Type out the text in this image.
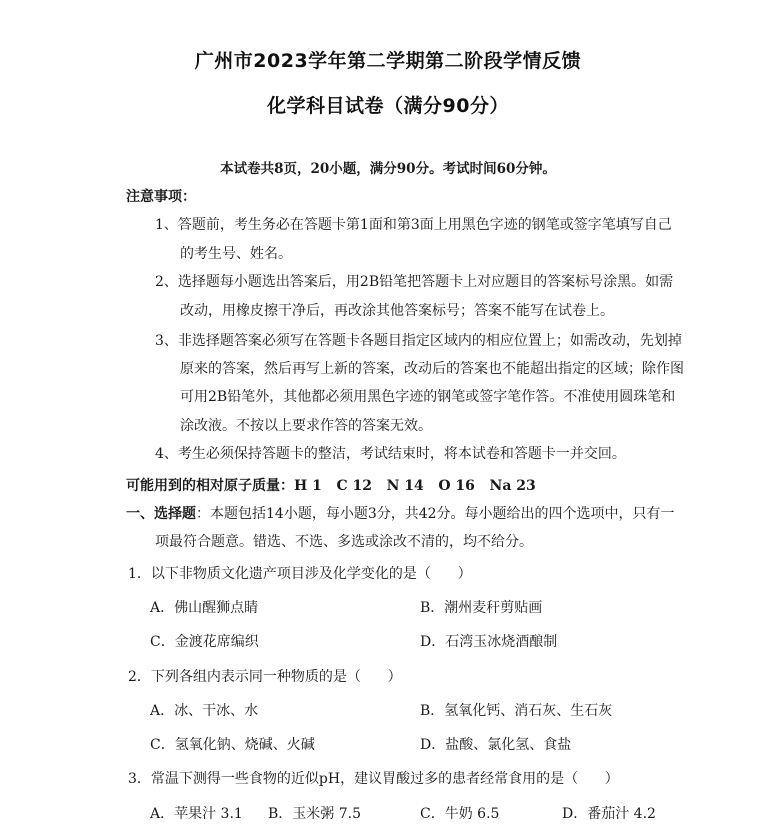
广州市2023学年第二学期第二阶段学情反馈
化学科目试卷（满分90分）
本试卷共8页，20小题，满分90分。考试时间60分钟。
注意事项：
1、答题前，考生务必在答题卡第1面和第3面上用黑色字迹的钢笔或签字笔填写自己
的考生号、姓名。
2、选择题每小题选出答案后，用2B铅笔把答题卡上对应题目的答案标号涂黑。如需
改动，用橡皮擦干净后，再改涂其他答案标号；答案不能写在试卷上。
3、非选择题答案必须写在答题卡各题目指定区域内的相应位置上；如需改动，先划掉
原来的答案，然后再写上新的答案，改动后的答案也不能超出指定的区域；除作图
可用2B铅笔外，其他都必须用黑色字迹的钢笔或签字笔作答。不准使用圆珠笔和
涂改液。不按以上要求作答的答案无效。
4、考生必须保持答题卡的整洁，考试结束时，将本试卷和答题卡一并交回。
可能用到的相对原子质量：H 1   C 12   N 14   O 16   Na 23
一、选择题：本题包括14小题，每小题3分，共42分。每小题给出的四个选项中，只有一
项最符合题意。错选、不选、多选或涂改不清的，均不给分。
1．以下非物质文化遗产项目涉及化学变化的是（      ）
A．佛山醒狮点睛	B．潮州麦秆剪贴画
C．金渡花席编织	D．石湾玉冰烧酒酿制
2．下列各组内表示同一种物质的是（      ）
A．冰、干冰、水	B．氢氧化钙、消石灰、生石灰
C．氢氧化钠、烧碱、火碱	D．盐酸、氯化氢、食盐
3．常温下测得一些食物的近似pH，建议胃酸过多的患者经常食用的是（      ）
A．苹果汁 3.1 B．玉米粥 7.5	C．牛奶 6.5	D．番茄汁 4.2
